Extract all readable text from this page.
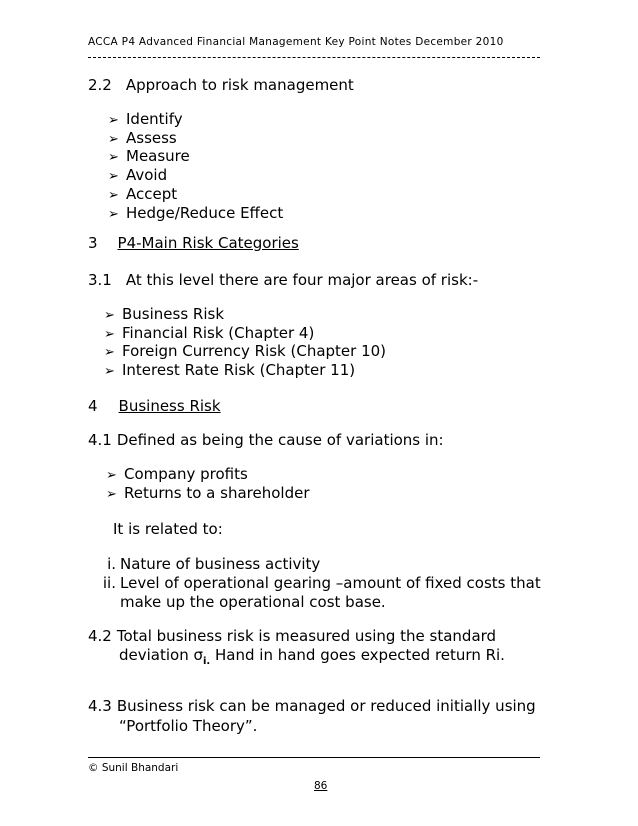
ACCA P4 Advanced Financial Management Key Point Notes December 2010
2.2 Approach to risk management
➢ Identify
➢ Assess
➢ Measure
➢ Avoid
➢ Accept
➢ Hedge/Reduce Effect
3 P4-Main Risk Categories
3.1 At this level there are four major areas of risk:-
➢ Business Risk
➢ Financial Risk (Chapter 4)
➢ Foreign Currency Risk (Chapter 10)
➢ Interest Rate Risk (Chapter 11)
4 Business Risk
4.1 Defined as being the cause of variations in:
➢ Company profits
➢ Returns to a shareholder
It is related to:
i. Nature of business activity
ii. Level of operational gearing –amount of fixed costs that
make up the operational cost base.
4.2 Total business risk is measured using the standard
deviation $\sigma_{i.}$ Hand in hand goes expected return Ri.
4.3 Business risk can be managed or reduced initially using
“Portfolio Theory”.
© Sunil Bhandari
86
